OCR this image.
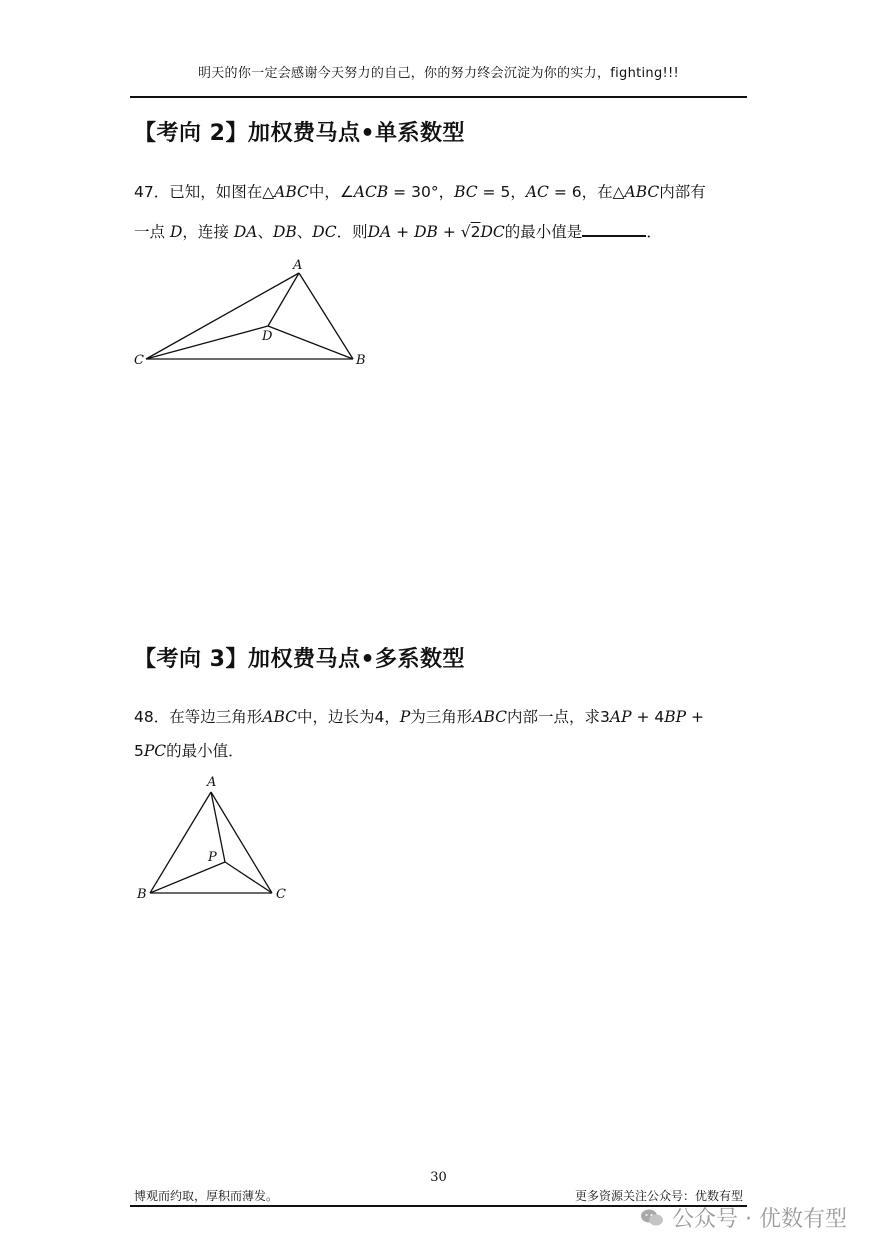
明天的你一定会感谢今天努力的自己，你的努力终会沉淀为你的实力，fighting!!!
【考向 2】加权费马点•单系数型
47．已知，如图在△ABC中，∠ACB = 30°，BC = 5，AC = 6，在△ABC内部有
一点 D，连接 DA、DB、DC．则DA + DB + √2DC的最小值是	．
A
B
C
D
【考向 3】加权费马点•多系数型
48．在等边三角形ABC中，边长为4，P为三角形ABC内部一点，求3AP + 4BP +
5PC的最小值．
A
B	C
P
30
博观而约取，厚积而薄发。	更多资源关注公众号：优数有型
公众号 · 优数有型
